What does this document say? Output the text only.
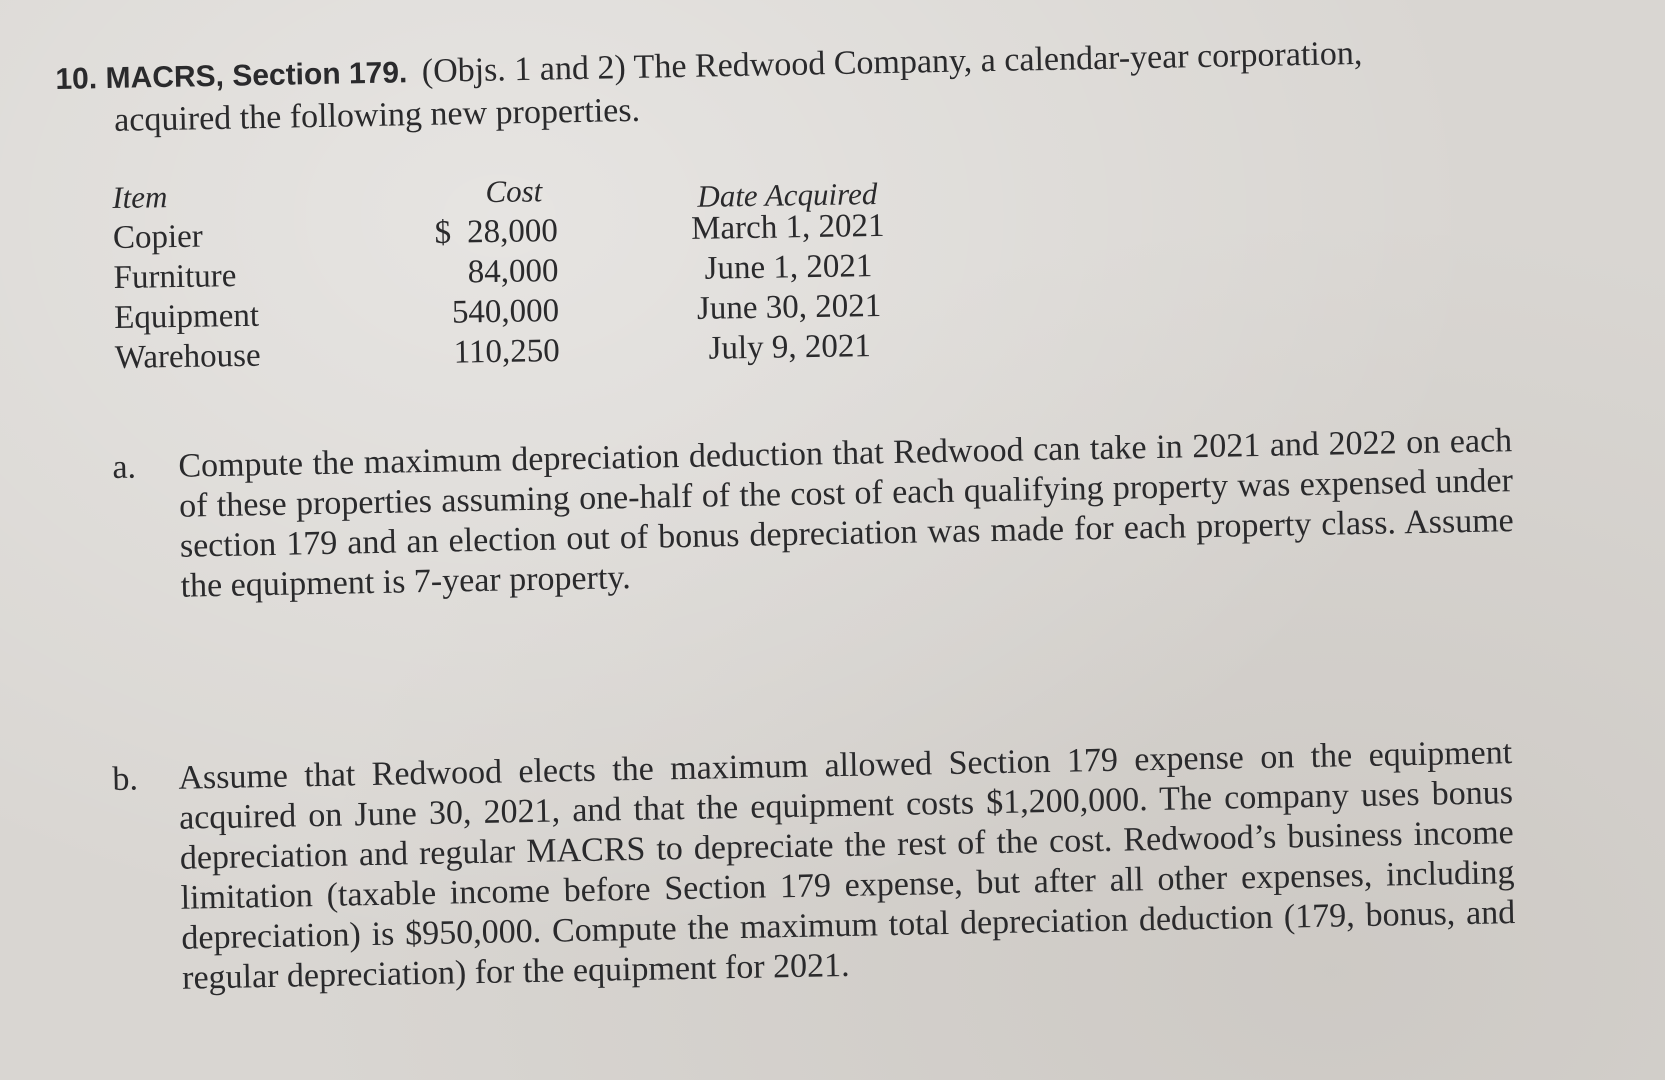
10. MACRS, Section 179. (Objs. 1 and 2) The Redwood Company, a calendar-year corporation,
acquired the following new properties.
Item	Cost	Date Acquired
Copier	$ 28,000	March 1, 2021
Furniture	84,000	June 1, 2021
Equipment	540,000	June 30, 2021
Warehouse	110,250	July 9, 2021
a. Compute the maximum depreciation deduction that Redwood can take in 2021 and 2022 on each of these properties assuming one-half of the cost of each qualifying property was expensed under section 179 and an election out of bonus depreciation was made for each property class. Assume the equipment is 7-year property.
b. Assume that Redwood elects the maximum allowed Section 179 expense on the equipment acquired on June 30, 2021, and that the equipment costs $1,200,000. The company uses bonus depreciation and regular MACRS to depreciate the rest of the cost. Redwood’s business income limitation (taxable income before Section 179 expense, but after all other expenses, including depreciation) is $950,000. Compute the maximum total depreciation deduction (179, bonus, and regular depreciation) for the equipment for 2021.
